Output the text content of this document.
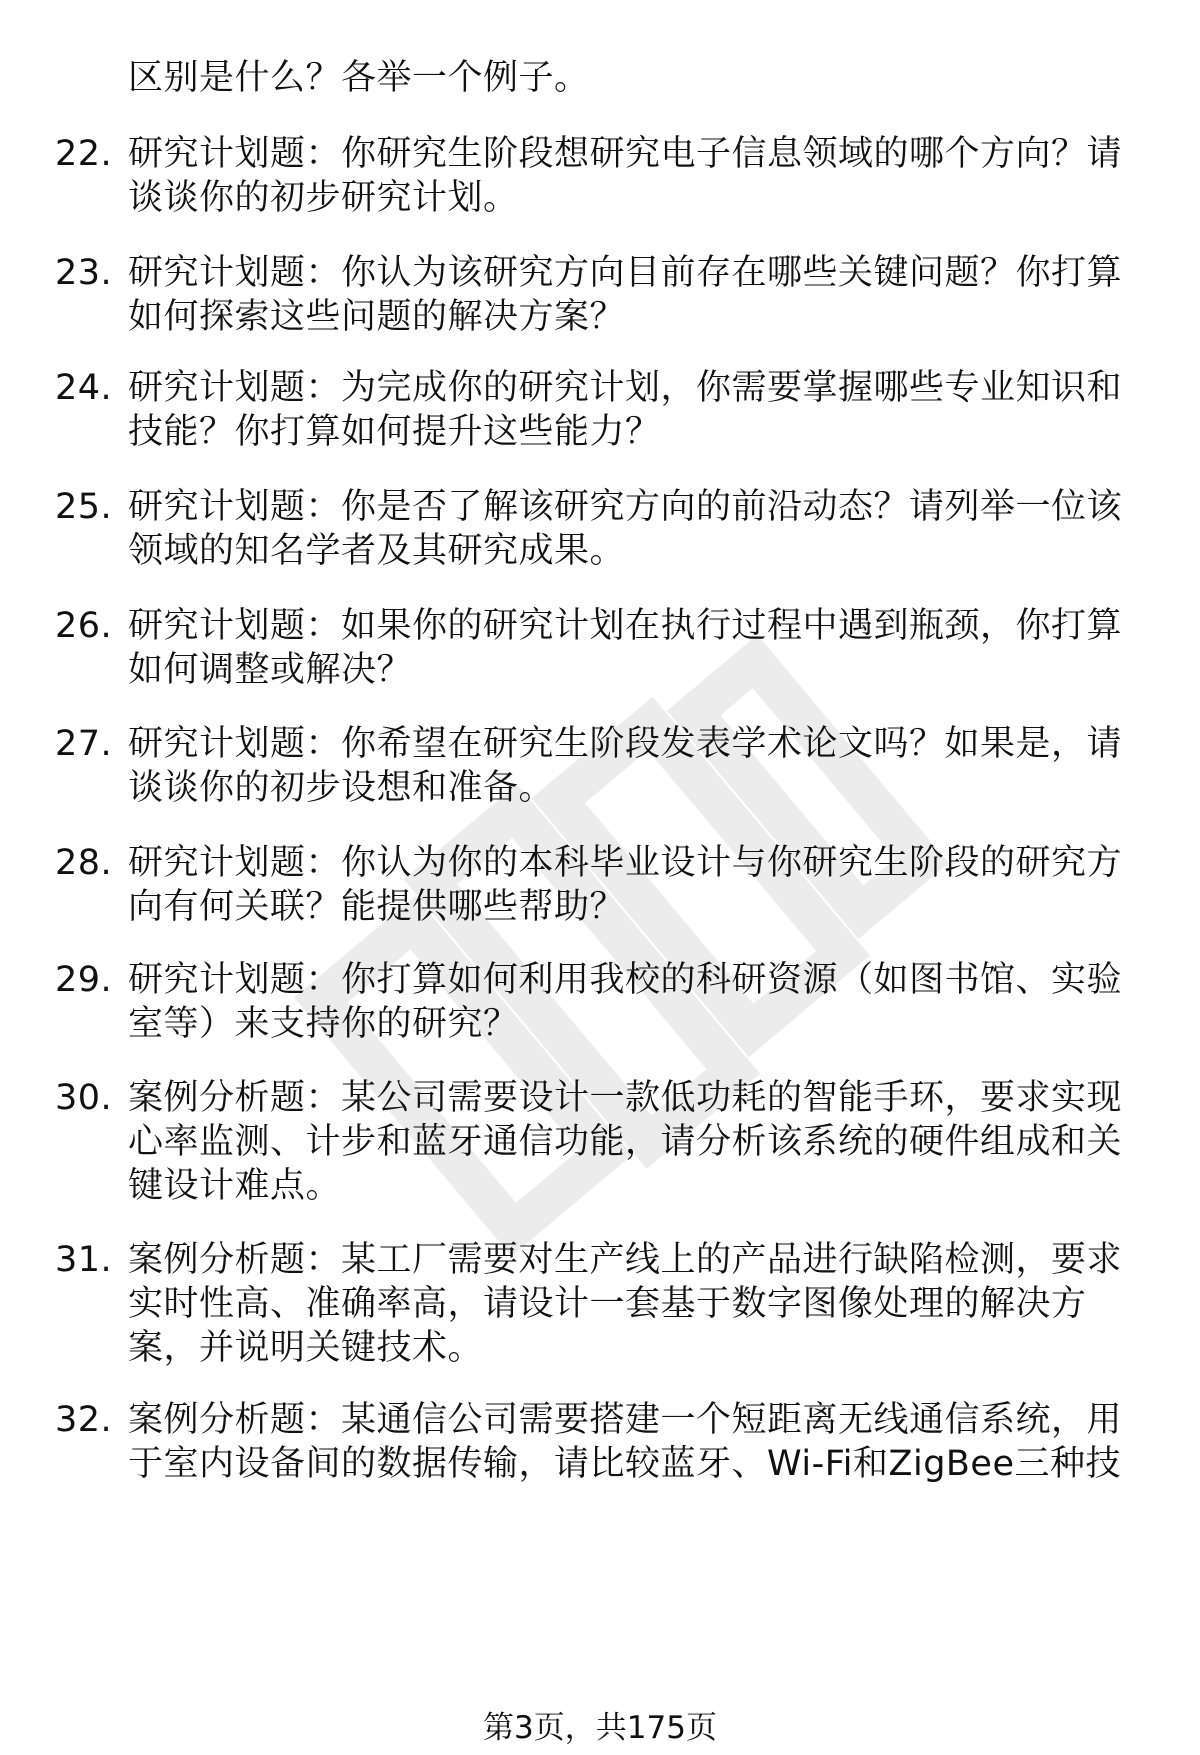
区别是什么？各举一个例子。
22. 研究计划题：你研究生阶段想研究电子信息领域的哪个方向？请
谈谈你的初步研究计划。
23. 研究计划题：你认为该研究方向目前存在哪些关键问题？你打算
如何探索这些问题的解决方案？
24. 研究计划题：为完成你的研究计划，你需要掌握哪些专业知识和
技能？你打算如何提升这些能力？
25. 研究计划题：你是否了解该研究方向的前沿动态？请列举一位该
领域的知名学者及其研究成果。
26. 研究计划题：如果你的研究计划在执行过程中遇到瓶颈，你打算
如何调整或解决？
27. 研究计划题：你希望在研究生阶段发表学术论文吗？如果是，请
谈谈你的初步设想和准备。
28. 研究计划题：你认为你的本科毕业设计与你研究生阶段的研究方
向有何关联？能提供哪些帮助？
29. 研究计划题：你打算如何利用我校的科研资源（如图书馆、实验
室等）来支持你的研究？
30. 案例分析题：某公司需要设计一款低功耗的智能手环，要求实现
心率监测、计步和蓝牙通信功能，请分析该系统的硬件组成和关
键设计难点。
31. 案例分析题：某工厂需要对生产线上的产品进行缺陷检测，要求
实时性高、准确率高，请设计一套基于数字图像处理的解决方
案，并说明关键技术。
32. 案例分析题：某通信公司需要搭建一个短距离无线通信系统，用
于室内设备间的数据传输，请比较蓝牙、Wi-Fi和ZigBee三种技
第3页，共175页
